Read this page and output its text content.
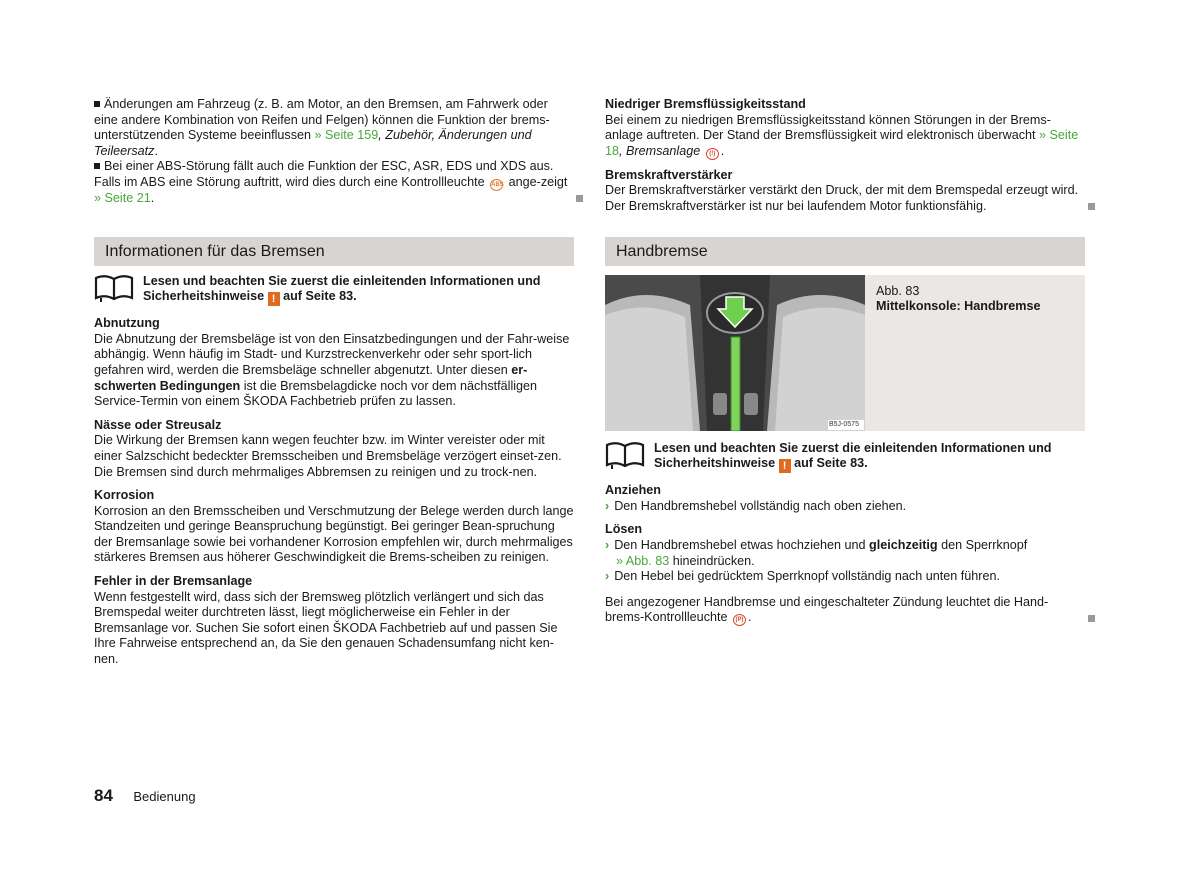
Änderungen am Fahrzeug (z. B. am Motor, an den Bremsen, am Fahrwerk oder eine andere Kombination von Reifen und Felgen) können die Funktion der brems-unterstützenden Systeme beeinflussen » Seite 159, Zubehör, Änderungen und Teileersatz.

Bei einer ABS-Störung fällt auch die Funktion der ESC, ASR, EDS und XDS aus. Falls im ABS eine Störung auftritt, wird dies durch eine Kontrollleuchte ABS ange-zeigt » Seite 21.

Informationen für das Bremsen
Lesen und beachten Sie zuerst die einleitenden Informationen und Sicherheitshinweise ! auf Seite 83.

Abnutzung

Die Abnutzung der Bremsbeläge ist von den Einsatzbedingungen und der Fahr-weise abhängig. Wenn häufig im Stadt- und Kurzstreckenverkehr oder sehr sport-lich gefahren wird, werden die Bremsbeläge schneller abgenutzt. Unter diesen er-schwerten Bedingungen ist die Bremsbelagdicke noch vor dem nächstfälligen Service-Termin von einem ŠKODA Fachbetrieb prüfen zu lassen.

Nässe oder Streusalz

Die Wirkung der Bremsen kann wegen feuchter bzw. im Winter vereister oder mit einer Salzschicht bedeckter Bremsscheiben und Bremsbeläge verzögert einset-zen. Die Bremsen sind durch mehrmaliges Abbremsen zu reinigen und zu trock-nen.

Korrosion

Korrosion an den Bremsscheiben und Verschmutzung der Belege werden durch lange Standzeiten und geringe Beanspruchung begünstigt. Bei geringer Bean-spruchung der Bremsanlage sowie bei vorhandener Korrosion empfehlen wir, durch mehrmaliges stärkeres Bremsen aus höherer Geschwindigkeit die Brems-scheiben zu reinigen.

Fehler in der Bremsanlage

Wenn festgestellt wird, dass sich der Bremsweg plötzlich verlängert und sich das Bremspedal weiter durchtreten lässt, liegt möglicherweise ein Fehler in der Bremsanlage vor. Suchen Sie sofort einen ŠKODA Fachbetrieb auf und passen Sie Ihre Fahrweise entsprechend an, da Sie den genauen Schadensumfang nicht ken-nen.

Niedriger Bremsflüssigkeitsstand

Bei einem zu niedrigen Bremsflüssigkeitsstand können Störungen in der Brems-anlage auftreten. Der Stand der Bremsflüssigkeit wird elektronisch überwacht » Seite 18, Bremsanlage (!) .

Bremskraftverstärker

Der Bremskraftverstärker verstärkt den Druck, der mit dem Bremspedal erzeugt wird. Der Bremskraftverstärker ist nur bei laufendem Motor funktionsfähig.

Handbremse
B5J-0575
Abb. 83
Mittelkonsole: Handbremse
Lesen und beachten Sie zuerst die einleitenden Informationen und Sicherheitshinweise ! auf Seite 83.

Anziehen

› Den Handbremshebel vollständig nach oben ziehen.

Lösen

› Den Handbremshebel etwas hochziehen und gleichzeitig den Sperrknopf
» Abb. 83 hineindrücken.

› Den Hebel bei gedrücktem Sperrknopf vollständig nach unten führen.

Bei angezogener Handbremse und eingeschalteter Zündung leuchtet die Hand-brems-Kontrollleuchte (P) .

84 Bedienung
